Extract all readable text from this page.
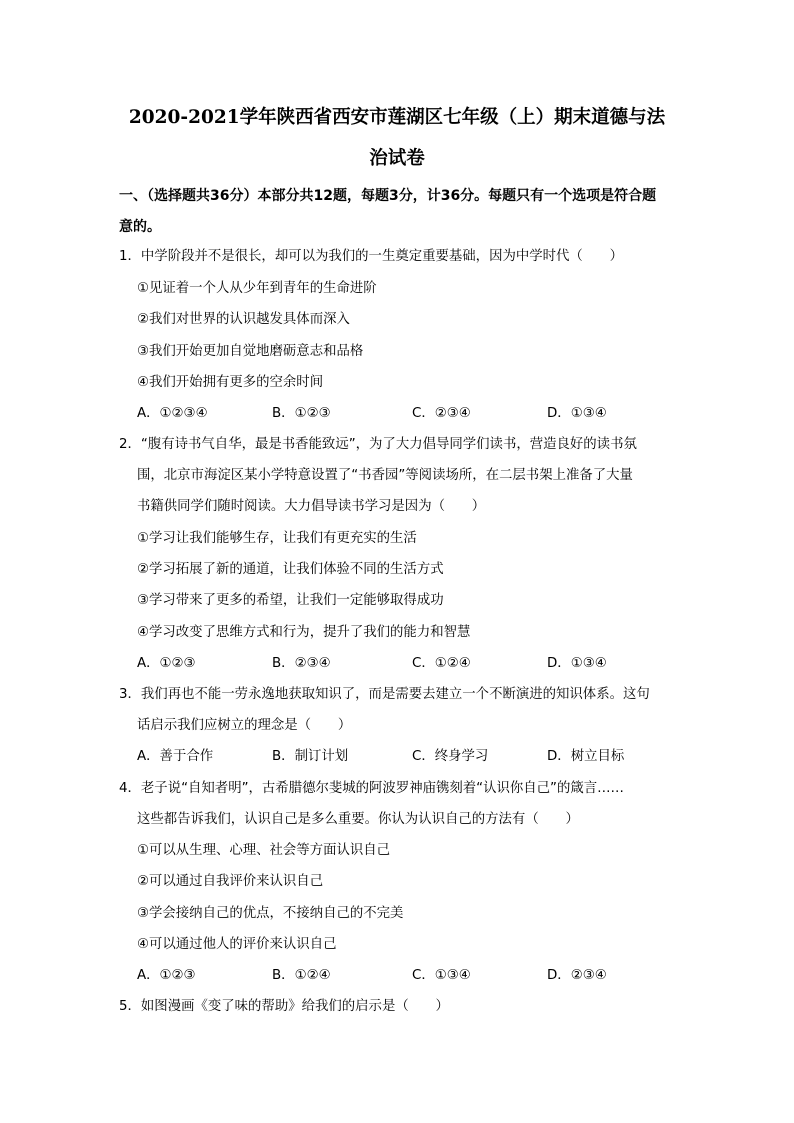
2020-2021学年陕西省西安市莲湖区七年级（上）期末道德与法
治试卷
一、（选择题共36分）本部分共12题，每题3分，计36分。每题只有一个选项是符合题
意的。
1．中学阶段并不是很长，却可以为我们的一生奠定重要基础，因为中学时代（　　）
①见证着一个人从少年到青年的生命进阶
②我们对世界的认识越发具体而深入
③我们开始更加自觉地磨砺意志和品格
④我们开始拥有更多的空余时间
A．①②③④	B．①②③	C．②③④	D．①③④
2．“腹有诗书气自华，最是书香能致远”，为了大力倡导同学们读书，营造良好的读书氛
围，北京市海淀区某小学特意设置了“书香园”等阅读场所，在二层书架上准备了大量
书籍供同学们随时阅读。大力倡导读书学习是因为（　　）
①学习让我们能够生存，让我们有更充实的生活
②学习拓展了新的通道，让我们体验不同的生活方式
③学习带来了更多的希望，让我们一定能够取得成功
④学习改变了思维方式和行为，提升了我们的能力和智慧
A．①②③	B．②③④	C．①②④	D．①③④
3．我们再也不能一劳永逸地获取知识了，而是需要去建立一个不断演进的知识体系。这句
话启示我们应树立的理念是（　　）
A．善于合作	B．制订计划	C．终身学习	D．树立目标
4．老子说“自知者明”，古希腊德尔斐城的阿波罗神庙镌刻着“认识你自己”的箴言……
这些都告诉我们，认识自己是多么重要。你认为认识自己的方法有（　　）
①可以从生理、心理、社会等方面认识自己
②可以通过自我评价来认识自己
③学会接纳自己的优点，不接纳自己的不完美
④可以通过他人的评价来认识自己
A．①②③	B．①②④	C．①③④	D．②③④
5．如图漫画《变了味的帮助》给我们的启示是（　　）
